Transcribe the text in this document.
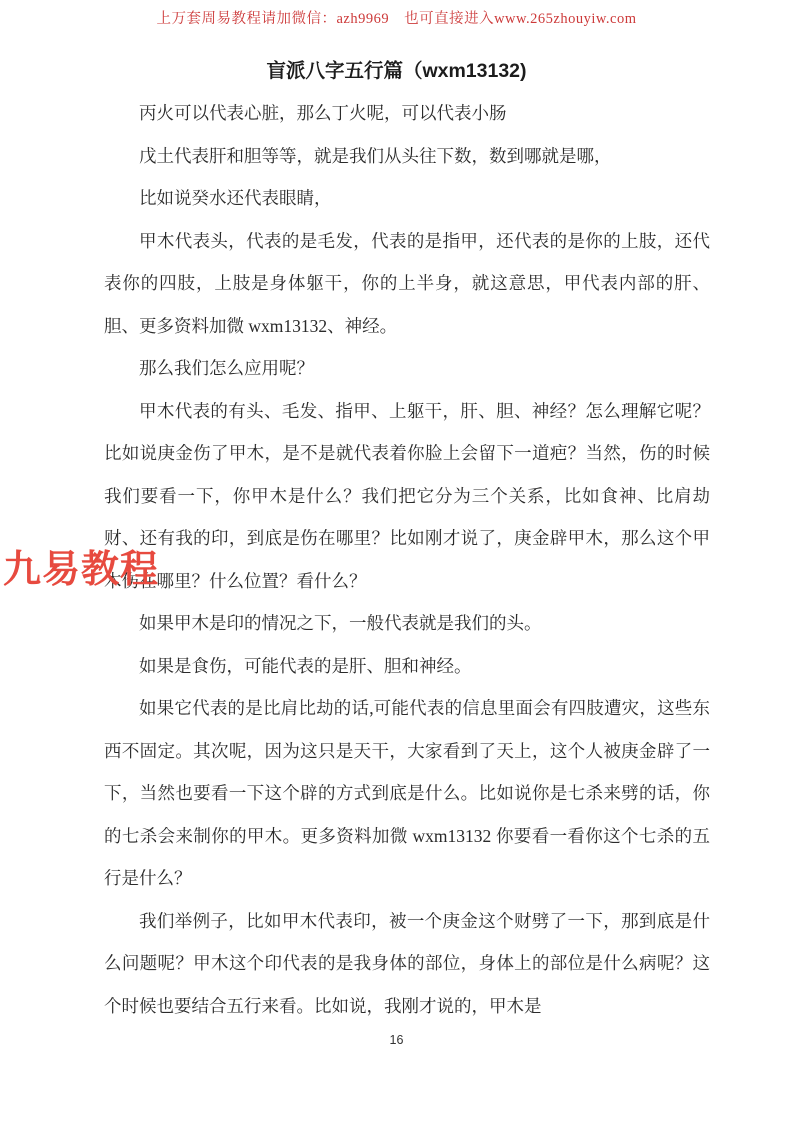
上万套周易教程请加微信：azh9969　也可直接进入www.265zhouyiw.com
盲派八字五行篇（wxm13132)

丙火可以代表心脏，那么丁火呢，可以代表小肠

戊土代表肝和胆等等，就是我们从头往下数，数到哪就是哪，

比如说癸水还代表眼睛，

甲木代表头，代表的是毛发，代表的是指甲，还代表的是你的上肢，还代表你的四肢，上肢是身体躯干，你的上半身，就这意思，甲代表内部的肝、胆、更多资料加微 wxm13132、神经。

那么我们怎么应用呢？

甲木代表的有头、毛发、指甲、上躯干，肝、胆、神经？怎么理解它呢？比如说庚金伤了甲木，是不是就代表着你脸上会留下一道疤？当然，伤的时候我们要看一下，你甲木是什么？我们把它分为三个关系，比如食神、比肩劫财、还有我的印，到底是伤在哪里？比如刚才说了，庚金辟甲木，那么这个甲木伤在哪里？什么位置？看什么？

如果甲木是印的情况之下，一般代表就是我们的头。

如果是食伤，可能代表的是肝、胆和神经。

如果它代表的是比肩比劫的话,可能代表的信息里面会有四肢遭灾，这些东西不固定。其次呢，因为这只是天干，大家看到了天上，这个人被庚金辟了一下，当然也要看一下这个辟的方式到底是什么。比如说你是七杀来劈的话，你的七杀会来制你的甲木。更多资料加微 wxm13132 你要看一看你这个七杀的五行是什么？

我们举例子，比如甲木代表印，被一个庚金这个财劈了一下，那到底是什么问题呢？甲木这个印代表的是我身体的部位，身体上的部位是什么病呢？这个时候也要结合五行来看。比如说，我刚才说的，甲木是

九易教程
16
